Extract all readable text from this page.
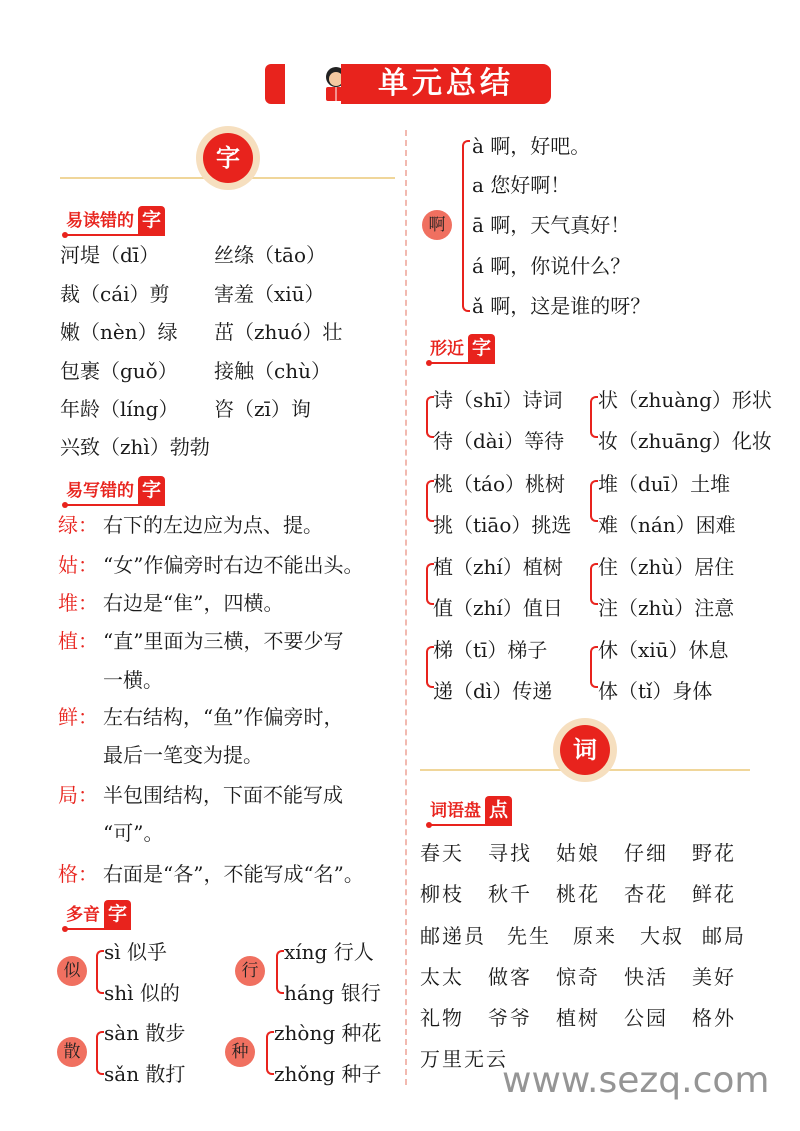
单元总结
字
词
易读错的 字
河堤（dī）	丝绦（tāo）
裁（cái）剪 害羞（xiū）
嫩（nèn）绿 茁（zhuó）壮
包裹（guǒ） 接触（chù）
年龄（líng） 咨（zī）询
兴致（zhì）勃勃
易写错的 字
绿： 右下的左边应为点、提。
姑： “女”作偏旁时右边不能出头。
堆： 右边是“隹”，四横。
植： “直”里面为三横，不要少写
一横。
鲜： 左右结构，“鱼”作偏旁时，
最后一笔变为提。
局： 半包围结构，下面不能写成
“可”。
格： 右面是“各”，不能写成“名”。
多音 字
似
sì 似乎
shì 似的
行
xíng 行人
háng 银行
散
sàn 散步
sǎn 散打
种
zhòng 种花
zhǒng 种子
啊
à 啊，好吧。
a 您好啊！
ā 啊，天气真好！
á 啊，你说什么？
ǎ 啊，这是谁的呀？
形近 字
诗（shī）诗词
待（dài）等待
状（zhuàng）形状
妆（zhuāng）化妆
桃（táo）桃树
挑（tiāo）挑选
堆（duī）土堆
难（nán）困难
植（zhí）植树
值（zhí）值日
住（zhù）居住
注（zhù）注意
梯（tī）梯子
递（dì）传递
休（xiū）休息
体（tǐ）身体
词语盘 点
春天 寻找 姑娘 仔细 野花
柳枝 秋千 桃花 杏花 鲜花
邮递员 先生 原来 大叔 邮局
太太 做客 惊奇 快活 美好
礼物 爷爷 植树 公园 格外
万里无云
www.sezq.com
